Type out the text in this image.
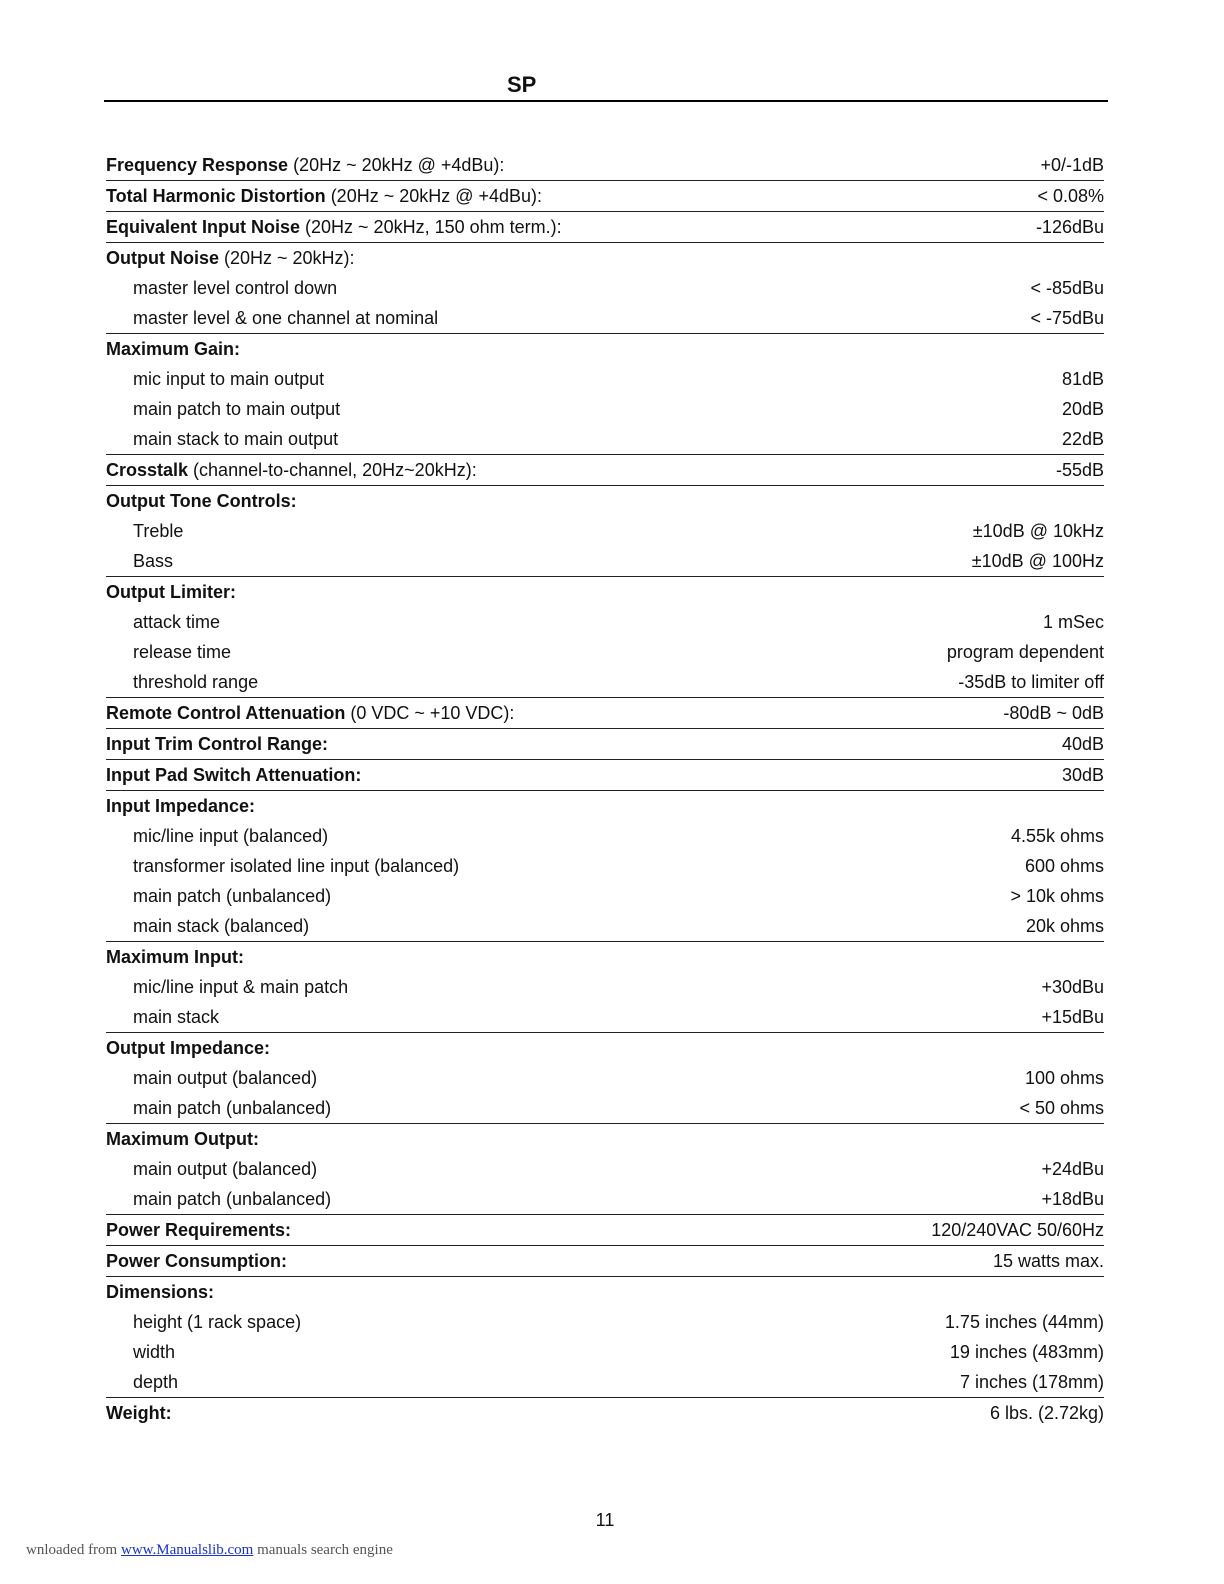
SP
Frequency Response (20Hz ~ 20kHz @ +4dBu):	+0/-1dB
Total Harmonic Distortion (20Hz ~ 20kHz @ +4dBu):	< 0.08%
Equivalent Input Noise (20Hz ~ 20kHz, 150 ohm term.):	-126dBu
Output Noise (20Hz ~ 20kHz):
master level control down	< -85dBu
master level & one channel at nominal	< -75dBu
Maximum Gain:
mic input to main output	81dB
main patch to main output	20dB
main stack to main output	22dB
Crosstalk (channel-to-channel, 20Hz~20kHz):	-55dB
Output Tone Controls:
Treble	±10dB @ 10kHz
Bass	±10dB @ 100Hz
Output Limiter:
attack time	1 mSec
release time	program dependent
threshold range	-35dB to limiter off
Remote Control Attenuation (0 VDC ~ +10 VDC):	-80dB ~ 0dB
Input Trim Control Range:	40dB
Input Pad Switch Attenuation:	30dB
Input Impedance:
mic/line input (balanced)	4.55k ohms
transformer isolated line input (balanced)	600 ohms
main patch (unbalanced)	> 10k ohms
main stack (balanced)	20k ohms
Maximum Input:
mic/line input & main patch	+30dBu
main stack	+15dBu
Output Impedance:
main output (balanced)	100 ohms
main patch (unbalanced)	< 50 ohms
Maximum Output:
main output (balanced)	+24dBu
main patch (unbalanced)	+18dBu
Power Requirements:	120/240VAC 50/60Hz
Power Consumption:	15 watts max.
Dimensions:
height (1 rack space)	1.75 inches (44mm)
width	19 inches (483mm)
depth	7 inches (178mm)
Weight:	6 lbs. (2.72kg)
11
wnloaded from www.Manualslib.com manuals search engine
